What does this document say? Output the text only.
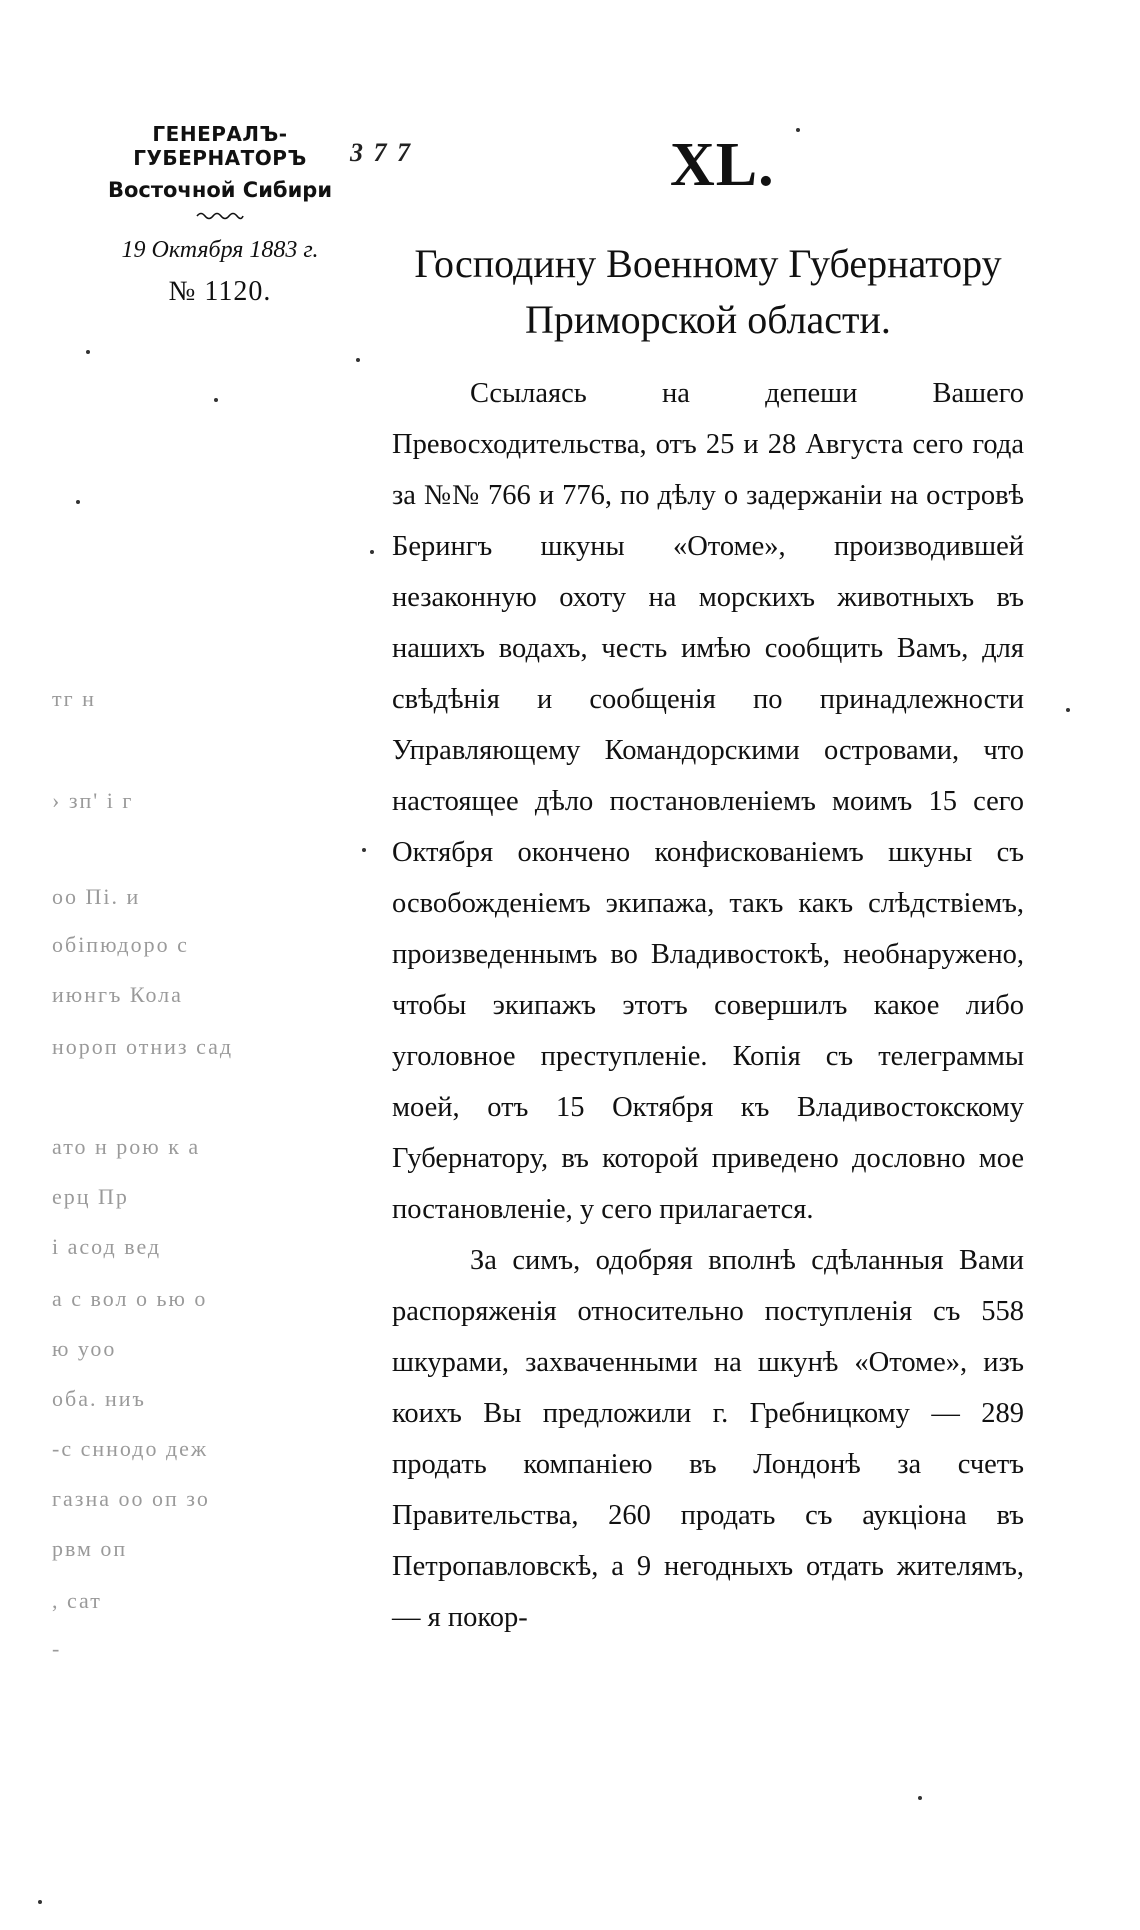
ГЕНЕРАЛЪ-ГУБЕРНАТОРЪ
Восточной Сибири
19 Октября 1883 г.
№ 1120.
3 7 7	XL.
Господину Военному Губернатору
Приморской области.

Ссылаясь на депеши Вашего Превосходительства, отъ 25 и 28 Августа сего года за №№ 766 и 776, по дѣлу о задержаніи на островѣ Берингъ шкуны «Отоме», производившей незаконную охоту на морскихъ животныхъ въ нашихъ водахъ, честь имѣю сообщить Вамъ, для свѣдѣнія и сообщенія по принадлежности Управляющему Командорскими островами, что настоящее дѣло постановленіемъ моимъ 15 сего Октября окончено конфискованіемъ шкуны съ освобожденіемъ экипажа, такъ какъ слѣдствіемъ, произведеннымъ во Владивостокѣ, необнаружено, чтобы экипажъ этотъ совершилъ какое либо уголовное преступленіе. Копія съ телеграммы моей, отъ 15 Октября къ Владивостокскому Губернатору, въ которой приведено дословно мое постановленіе, у сего прилагается.

За симъ, одобряя вполнѣ сдѣланныя Вами распоряженія относительно поступленія съ 558 шкурами, захваченными на шкунѣ «Отоме», изъ коихъ Вы предложили г. Гребницкому — 289 продать компаніею въ Лондонѣ за счетъ Правительства, 260 продать съ аукціона въ Петропавловскѣ, а 9 негодныхъ отдать жителямъ, — я покор-

тг н
› зп' і г
оо Пі. и
обіпюдоро с
июнгъ Кола
нороп отниз сад
ато н рою к а
ерц Пр
і асод вед
а с вол о ью о
ю уоо
оба. ниъ
-с сннодо деж
газна оо оп зо
рвм оп
, сат
-
